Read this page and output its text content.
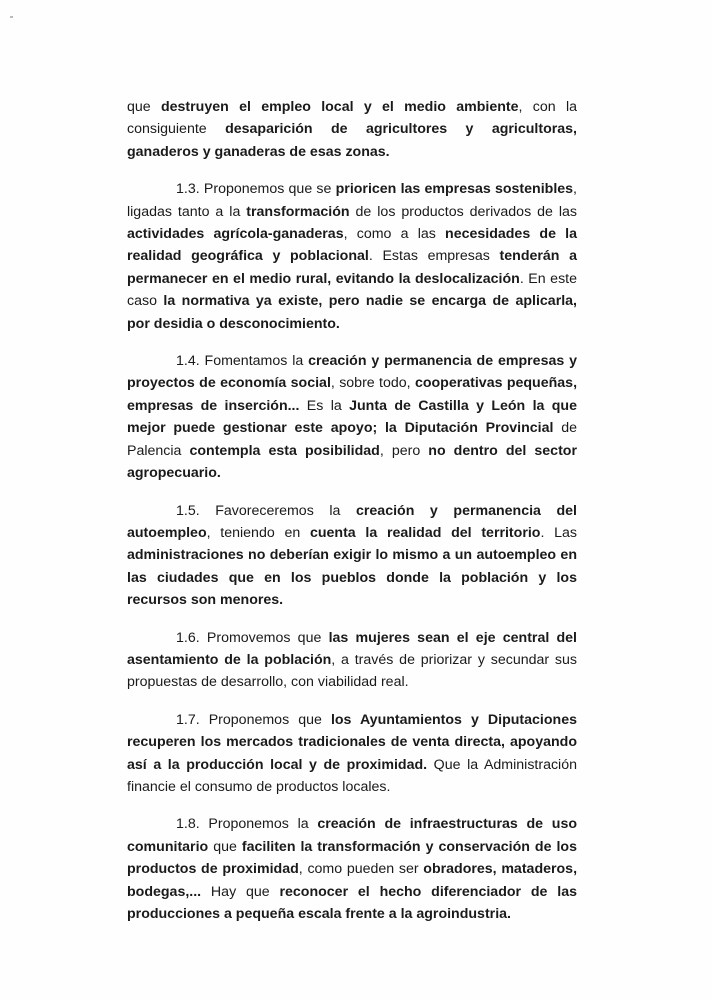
que destruyen el empleo local y el medio ambiente, con la consiguiente desaparición de agricultores y agricultoras, ganaderos y ganaderas de esas zonas.

1.3. Proponemos que se prioricen las empresas sostenibles, ligadas tanto a la transformación de los productos derivados de las actividades agrícola-ganaderas, como a las necesidades de la realidad geográfica y poblacional. Estas empresas tenderán a permanecer en el medio rural, evitando la deslocalización. En este caso la normativa ya existe, pero nadie se encarga de aplicarla, por desidia o desconocimiento.

1.4. Fomentamos la creación y permanencia de empresas y proyectos de economía social, sobre todo, cooperativas pequeñas, empresas de inserción... Es la Junta de Castilla y León la que mejor puede gestionar este apoyo; la Diputación Provincial de Palencia contempla esta posibilidad, pero no dentro del sector agropecuario.

1.5. Favoreceremos la creación y permanencia del autoempleo, teniendo en cuenta la realidad del territorio. Las administraciones no deberían exigir lo mismo a un autoempleo en las ciudades que en los pueblos donde la población y los recursos son menores.

1.6. Promovemos que las mujeres sean el eje central del asentamiento de la población, a través de priorizar y secundar sus propuestas de desarrollo, con viabilidad real.

1.7. Proponemos que los Ayuntamientos y Diputaciones recuperen los mercados tradicionales de venta directa, apoyando así a la producción local y de proximidad. Que la Administración financie el consumo de productos locales.

1.8. Proponemos la creación de infraestructuras de uso comunitario que faciliten la transformación y conservación de los productos de proximidad, como pueden ser obradores, mataderos, bodegas,... Hay que reconocer el hecho diferenciador de las producciones a pequeña escala frente a la agroindustria.
